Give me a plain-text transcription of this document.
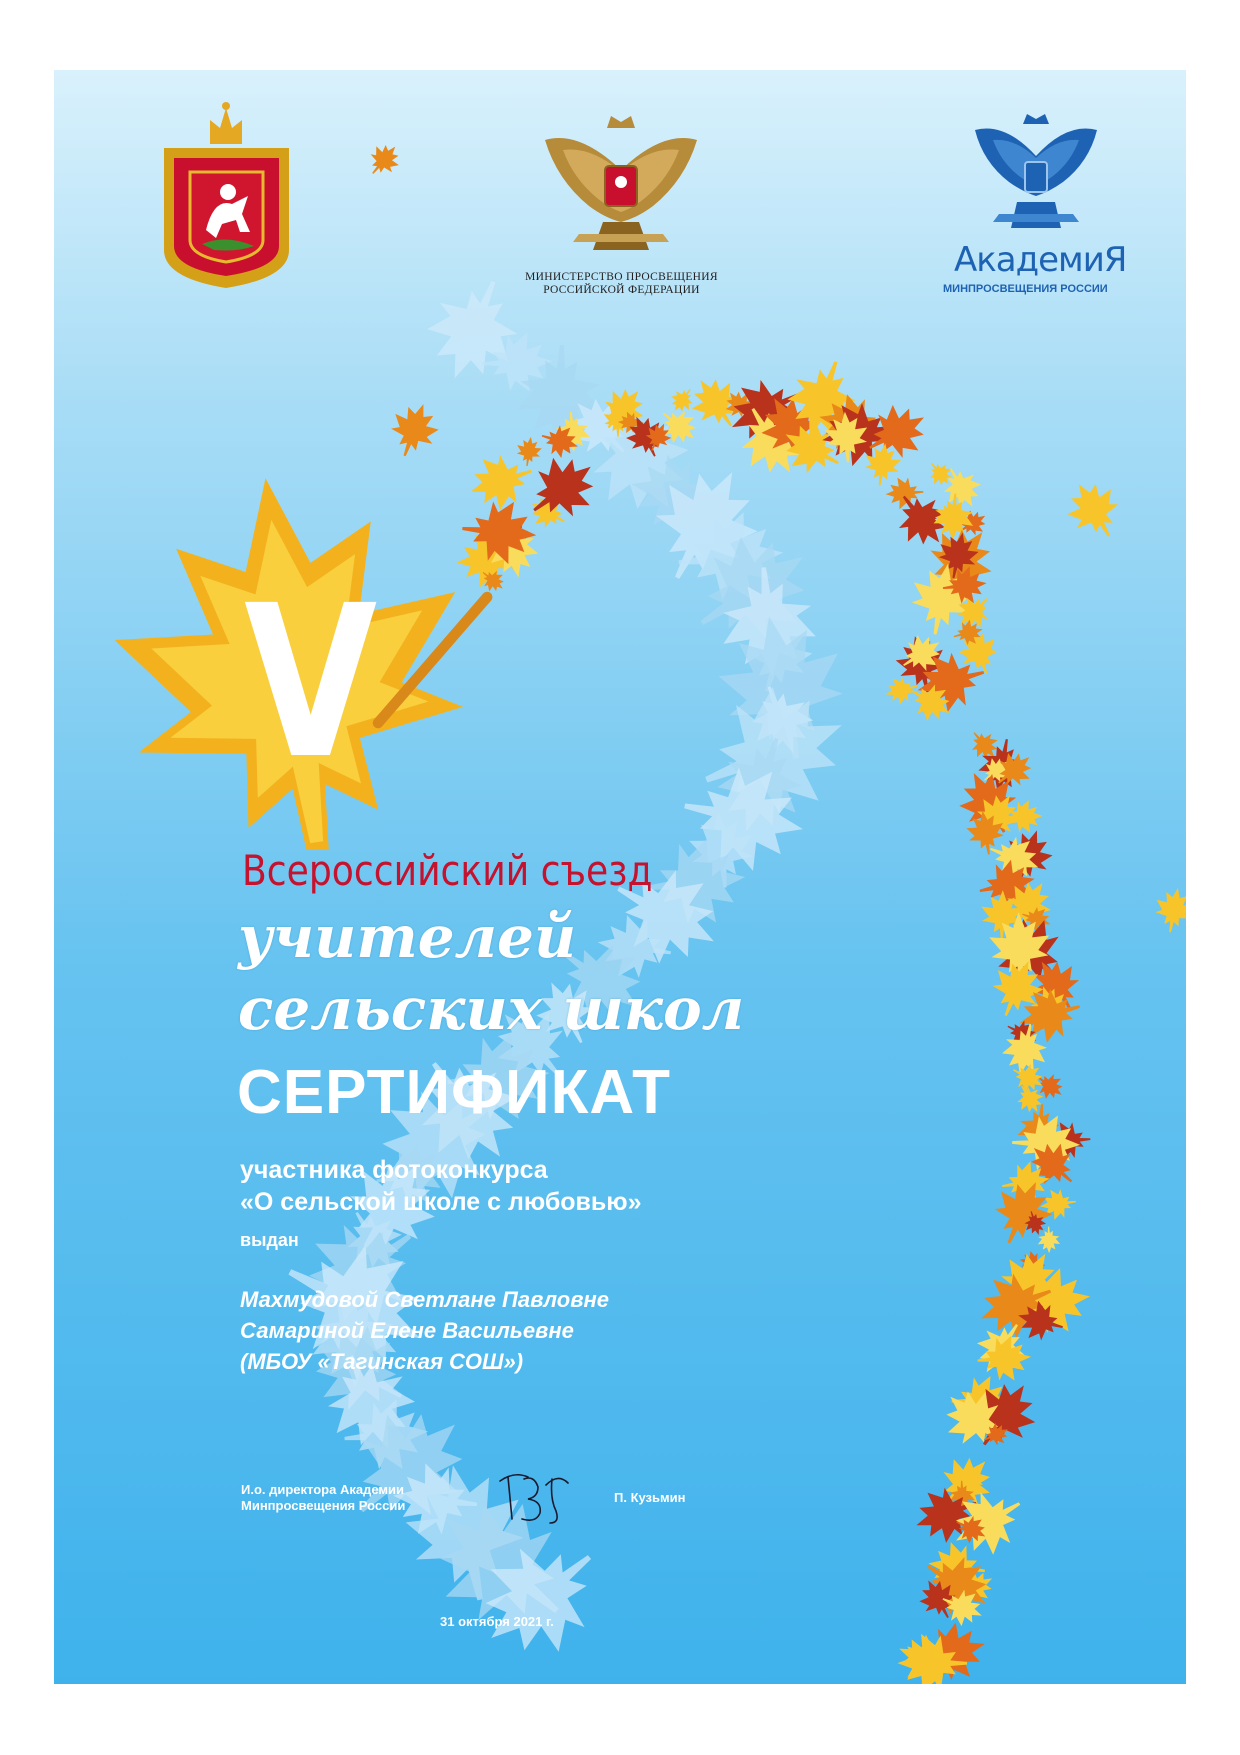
МИНИСТЕРСТВО ПРОСВЕЩЕНИЯ
РОССИЙСКОЙ ФЕДЕРАЦИИ
АкадемиЯ
МИНПРОСВЕЩЕНИЯ РОССИИ
V
Всероссийский съезд
учителей
сельских школ
СЕРТИФИКАТ
участника фотоконкурса
«О сельской школе с любовью»
выдан
Махмудовой Светлане Павловне
Самариной Елене Васильевне
(МБОУ «Тагинская СОШ»)
И.о. директора Академии
Минпросвещения России
П. Кузьмин
31 октября 2021 г.
